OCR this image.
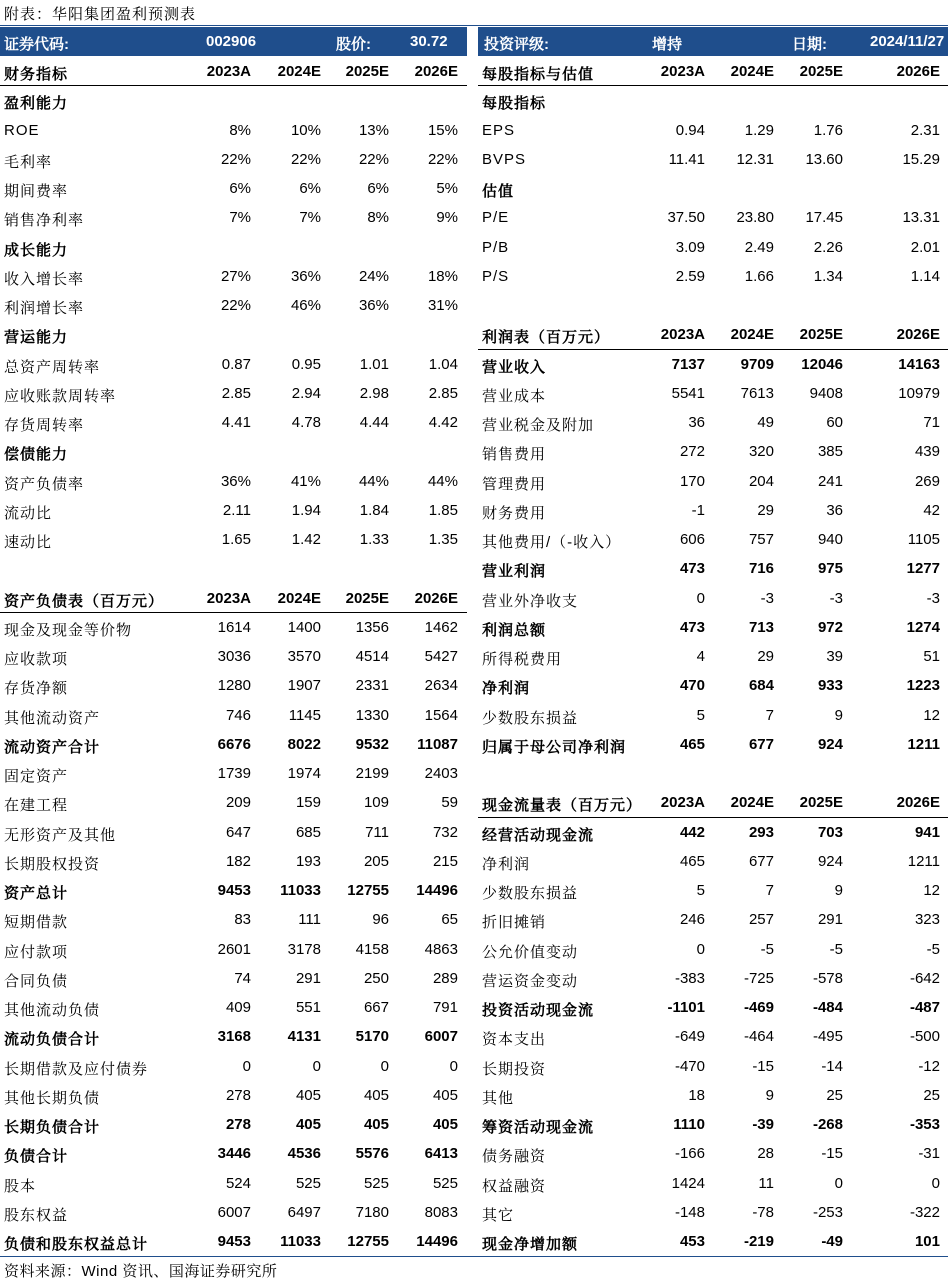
附表：华阳集团盈利预测表
证券代码:	002906	股价:	30.72 投资评级:	增持	日期:	2024/11/27
财务指标	2023A	2024E	2025E	2026E
盈利能力
ROE	8%	10%	13%	15%
毛利率	22%	22%	22%	22%
期间费率	6%	6%	6%	5%
销售净利率	7%	7%	8%	9%
成长能力
收入增长率	27%	36%	24%	18%
利润增长率	22%	46%	36%	31%
营运能力
总资产周转率	0.87	0.95	1.01	1.04
应收账款周转率	2.85	2.94	2.98	2.85
存货周转率	4.41	4.78	4.44	4.42
偿债能力
资产负债率	36%	41%	44%	44%
流动比	2.11	1.94	1.84	1.85
速动比	1.65	1.42	1.33	1.35
资产负债表（百万元）	2023A	2024E	2025E	2026E
现金及现金等价物	1614	1400	1356	1462
应收款项	3036	3570	4514	5427
存货净额	1280	1907	2331	2634
其他流动资产	746	1145	1330	1564
流动资产合计	6676	8022	9532	11087
固定资产	1739	1974	2199	2403
在建工程	209	159	109	59
无形资产及其他	647	685	711	732
长期股权投资	182	193	205	215
资产总计	9453	11033	12755	14496
短期借款	83	111	96	65
应付款项	2601	3178	4158	4863
合同负债	74	291	250	289
其他流动负债	409	551	667	791
流动负债合计	3168	4131	5170	6007
长期借款及应付债券	0	0	0	0
其他长期负债	278	405	405	405
长期负债合计	278	405	405	405
负债合计	3446	4536	5576	6413
股本	524	525	525	525
股东权益	6007	6497	7180	8083
负债和股东权益总计	9453	11033	12755	14496
每股指标与估值	2023A	2024E	2025E	2026E
每股指标
EPS	0.94	1.29	1.76	2.31
BVPS	11.41	12.31	13.60	15.29
估值
P/E	37.50	23.80	17.45	13.31
P/B	3.09	2.49	2.26	2.01
P/S	2.59	1.66	1.34	1.14
利润表（百万元）	2023A	2024E	2025E	2026E
营业收入	7137	9709	12046	14163
营业成本	5541	7613	9408	10979
营业税金及附加	36	49	60	71
销售费用	272	320	385	439
管理费用	170	204	241	269
财务费用	-1	29	36	42
其他费用/（-收入）	606	757	940	1105
营业利润	473	716	975	1277
营业外净收支	0	-3	-3	-3
利润总额	473	713	972	1274
所得税费用	4	29	39	51
净利润	470	684	933	1223
少数股东损益	5	7	9	12
归属于母公司净利润	465	677	924	1211
现金流量表（百万元）	2023A	2024E	2025E	2026E
经营活动现金流	442	293	703	941
净利润	465	677	924	1211
少数股东损益	5	7	9	12
折旧摊销	246	257	291	323
公允价值变动	0	-5	-5	-5
营运资金变动	-383	-725	-578	-642
投资活动现金流	-1101	-469	-484	-487
资本支出	-649	-464	-495	-500
长期投资	-470	-15	-14	-12
其他	18	9	25	25
筹资活动现金流	1110	-39	-268	-353
债务融资	-166	28	-15	-31
权益融资	1424	11	0	0
其它	-148	-78	-253	-322
现金净增加额	453	-219	-49	101
资料来源：Wind 资讯、国海证券研究所
